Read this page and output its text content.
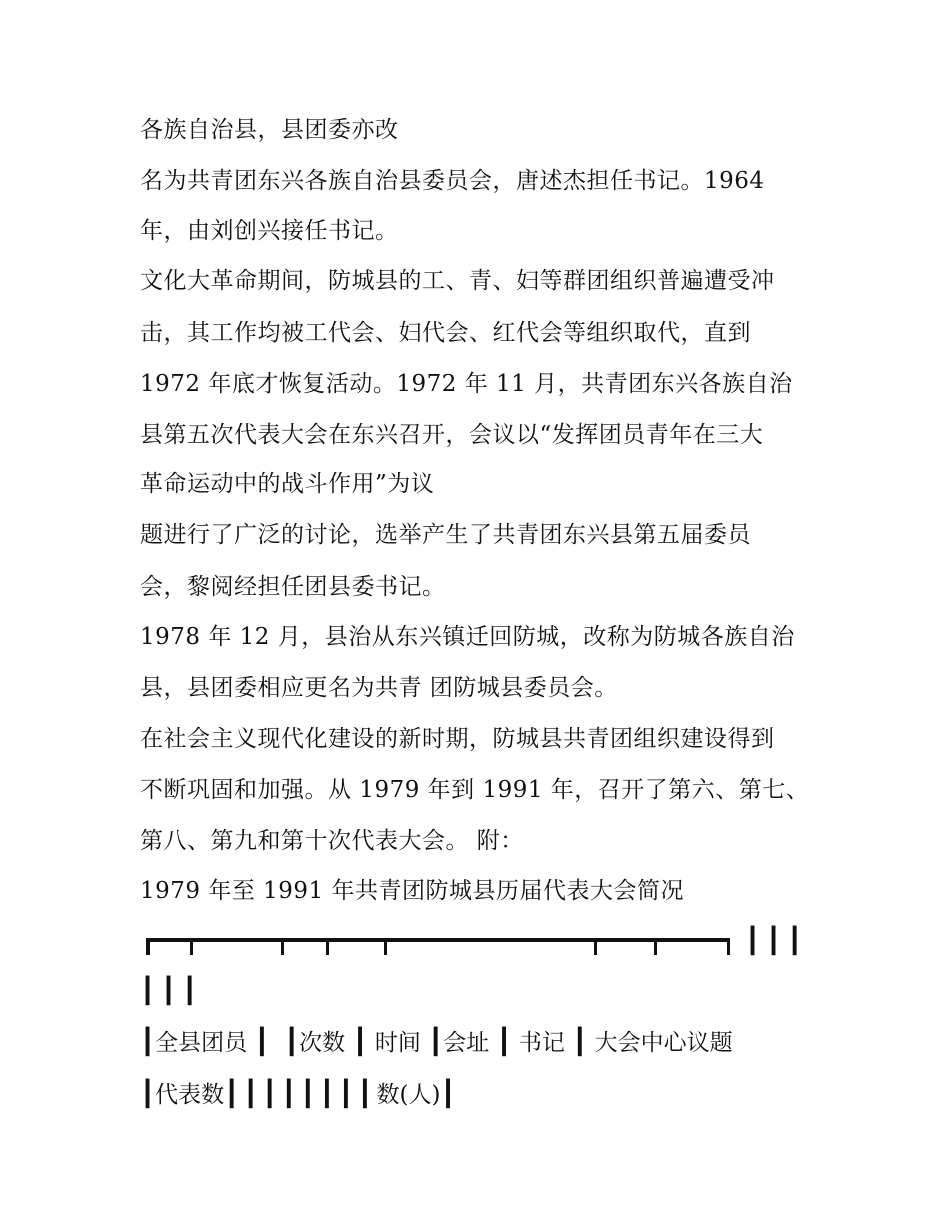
各族自治县，县团委亦改
名为共青团东兴各族自治县委员会，唐述杰担任书记。1964
年，由刘创兴接任书记。
文化大革命期间，防城县的工、青、妇等群团组织普遍遭受冲
击，其工作均被工代会、妇代会、红代会等组织取代，直到
1972 年底才恢复活动。1972 年 11 月，共青团东兴各族自治
县第五次代表大会在东兴召开，会议以“发挥团员青年在三大
革命运动中的战斗作用”为议
题进行了广泛的讨论，选举产生了共青团东兴县第五届委员
会，黎阅经担任团县委书记。
1978 年 12 月，县治从东兴镇迁回防城，改称为防城各族自治
县，县团委相应更名为共青 团防城县委员会。
在社会主义现代化建设的新时期，防城县共青团组织建设得到
不断巩固和加强。从 1979 年到 1991 年，召开了第六、第七、
第八、第九和第十次代表大会。 附：
1979 年至 1991 年共青团防城县历届代表大会简况
┃┃┃
┃┃┃
┃全县团员 ┃ ┃次数 ┃ 时间 ┃会址 ┃ 书记 ┃ 大会中心议题
┃代表数┃┃┃┃┃┃┃┃数(人)┃
